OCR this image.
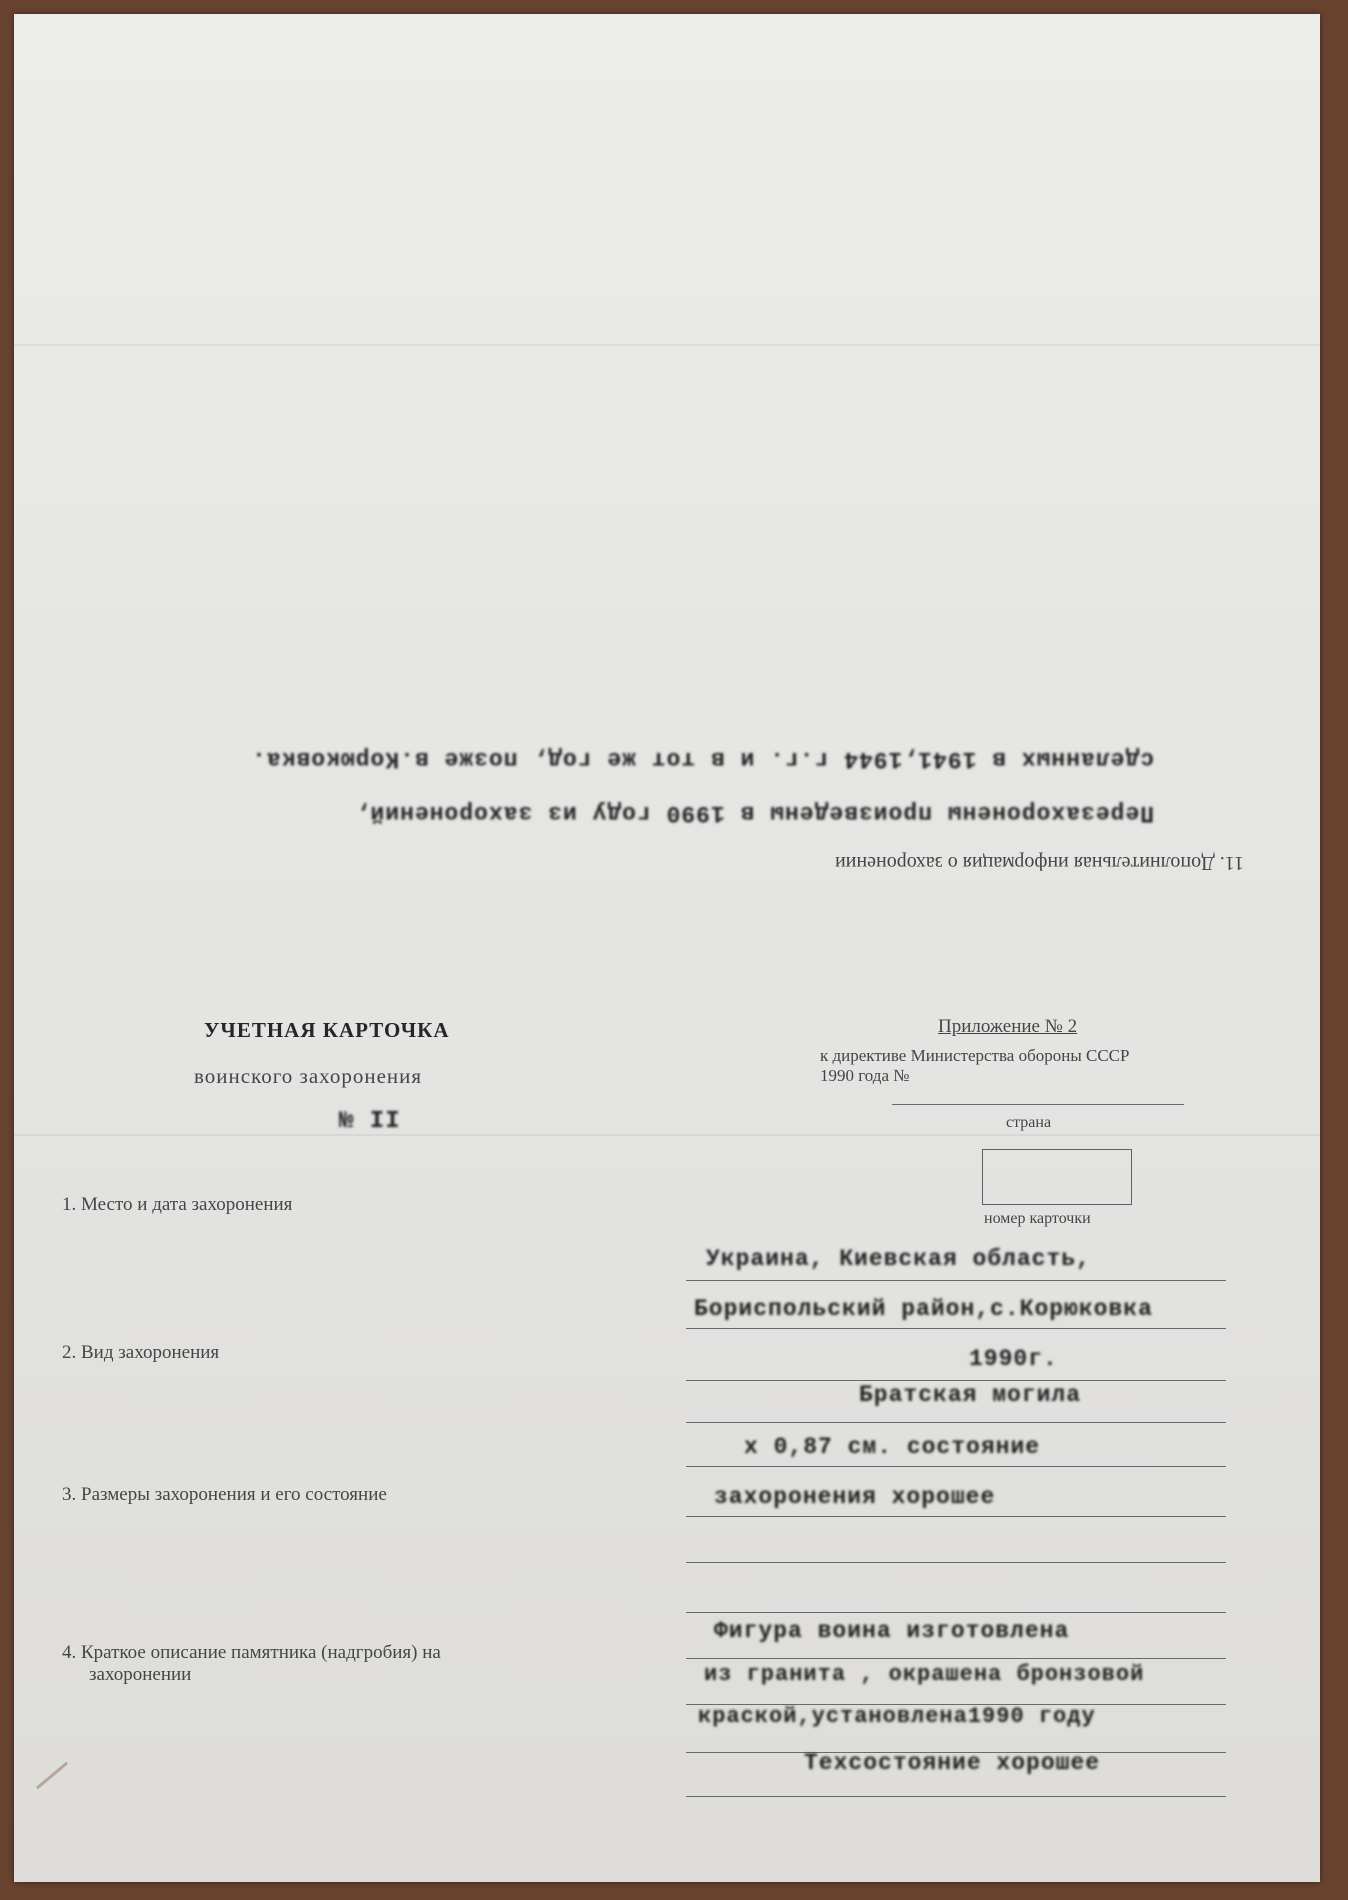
11. Дополнительная информация о захоронении
Перезахоронены произведены в 1990 году из захоронений,
сделанных в 1941,1944 г.г. и в тот же год, позже в.Корюковка.
УЧЕТНАЯ КАРТОЧКА
воинского захоронения
№ II
Приложение № 2
к директиве Министерства обороны СССР
1990 года №
страна
номер карточки
1. Место и дата захоронения
Украина, Киевская область,
Бориспольский район,с.Корюковка
1990г.
2. Вид захоронения
Братская могила
3. Размеры захоронения и его состояние
x 0,87 см. состояние
захоронения хорошее
4. Краткое описание памятника (надгробия) на
захоронении
Фигура воина изготовлена
из гранита , окрашена бронзовой
краской,установлена1990 году
Техсостояние хорошее
